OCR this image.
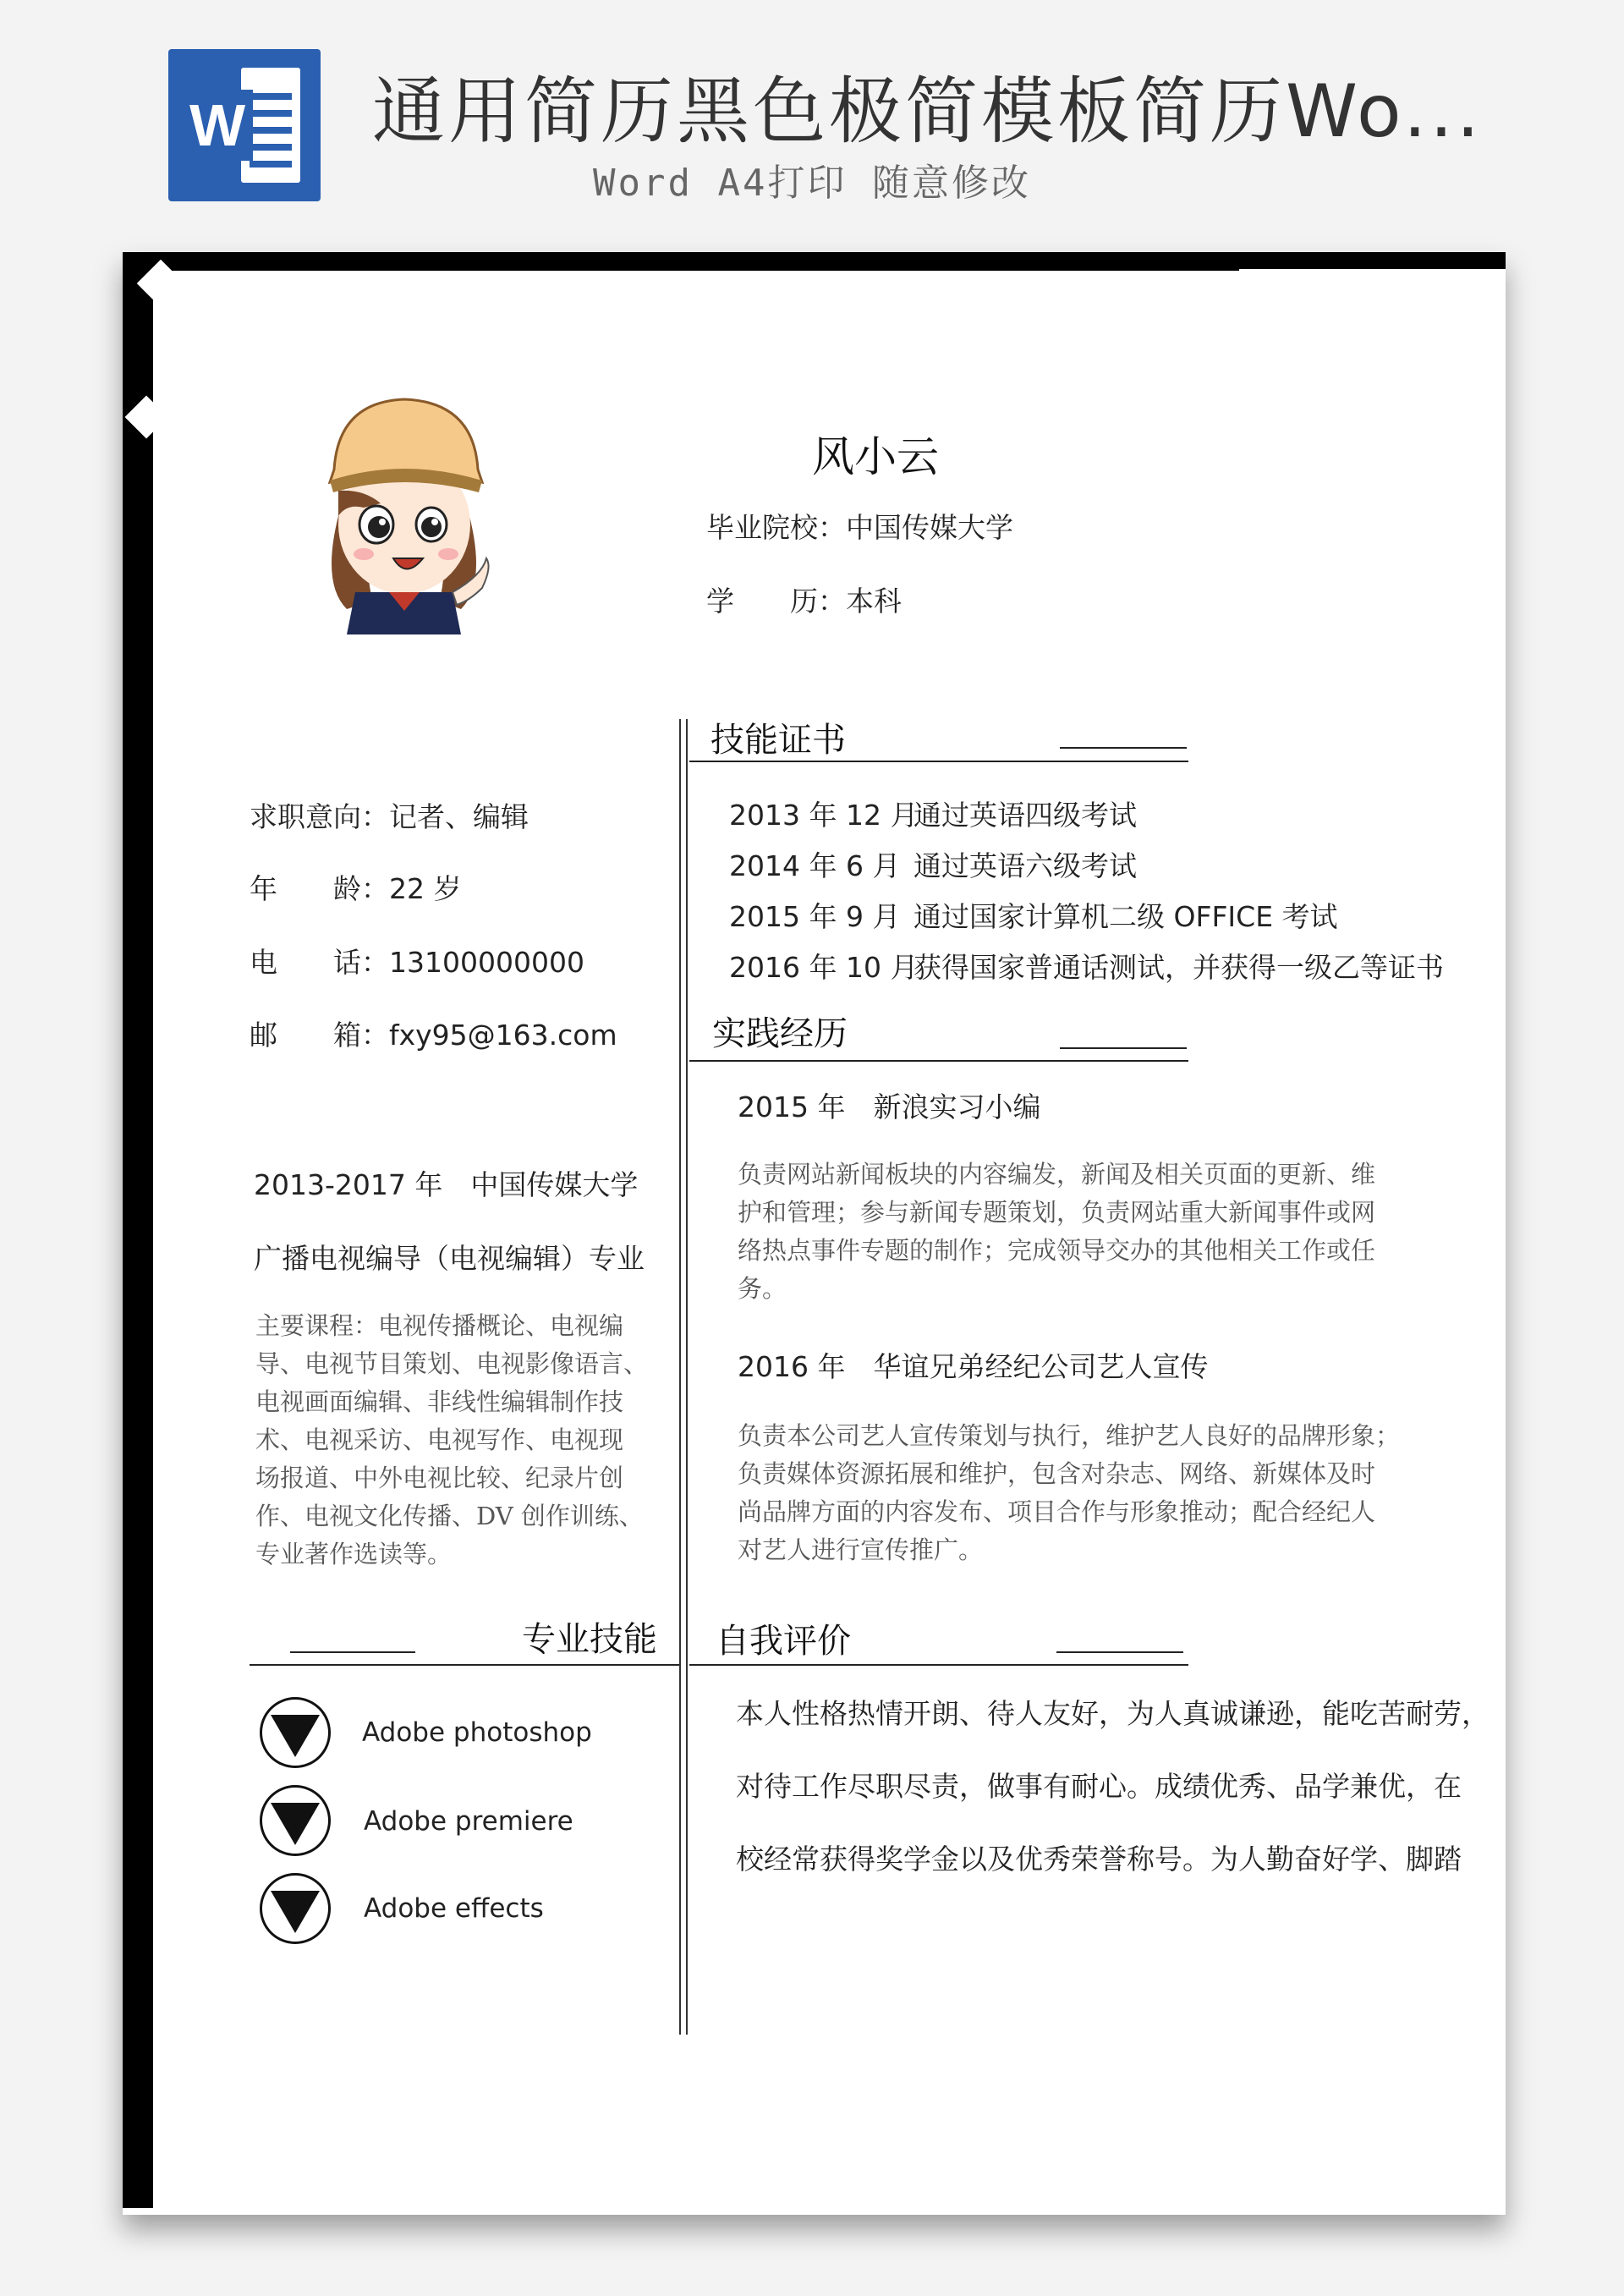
W 通用简历黑色极简模板简历Wo...
Word A4打印 随意修改
风小云
毕业院校：中国传媒大学
学　　历：本科
求职意向：记者、编辑
年　　龄：22 岁
电　　话：13100000000
邮　　箱：fxy95@163.com
2013-2017 年　中国传媒大学
广播电视编导（电视编辑）专业
主要课程：电视传播概论、电视编
导、电视节目策划、电视影像语言、
电视画面编辑、非线性编辑制作技
术、电视采访、电视写作、电视现
场报道、中外电视比较、纪录片创
作、电视文化传播、DV 创作训练、
专业著作选读等。
专业技能
Adobe photoshop
Adobe premiere
Adobe effects
技能证书
2013 年 12 月
通过英语四级考试
2014 年 6 月 通过英语六级考试
2015 年 9 月 通过国家计算机二级 OFFICE 考试
2016 年 10 月
获得国家普通话测试，并获得一级乙等证书
实践经历
2015 年　新浪实习小编
负责网站新闻板块的内容编发，新闻及相关页面的更新、维
护和管理；参与新闻专题策划，负责网站重大新闻事件或网
络热点事件专题的制作；完成领导交办的其他相关工作或任
务。
2016 年　华谊兄弟经纪公司艺人宣传
负责本公司艺人宣传策划与执行，维护艺人良好的品牌形象；
负责媒体资源拓展和维护，包含对杂志、网络、新媒体及时
尚品牌方面的内容发布、项目合作与形象推动；配合经纪人
对艺人进行宣传推广。
自我评价
本人性格热情开朗、待人友好，为人真诚谦逊，能吃苦耐劳，
对待工作尽职尽责，做事有耐心。成绩优秀、品学兼优，在
校经常获得奖学金以及优秀荣誉称号。为人勤奋好学、脚踏
